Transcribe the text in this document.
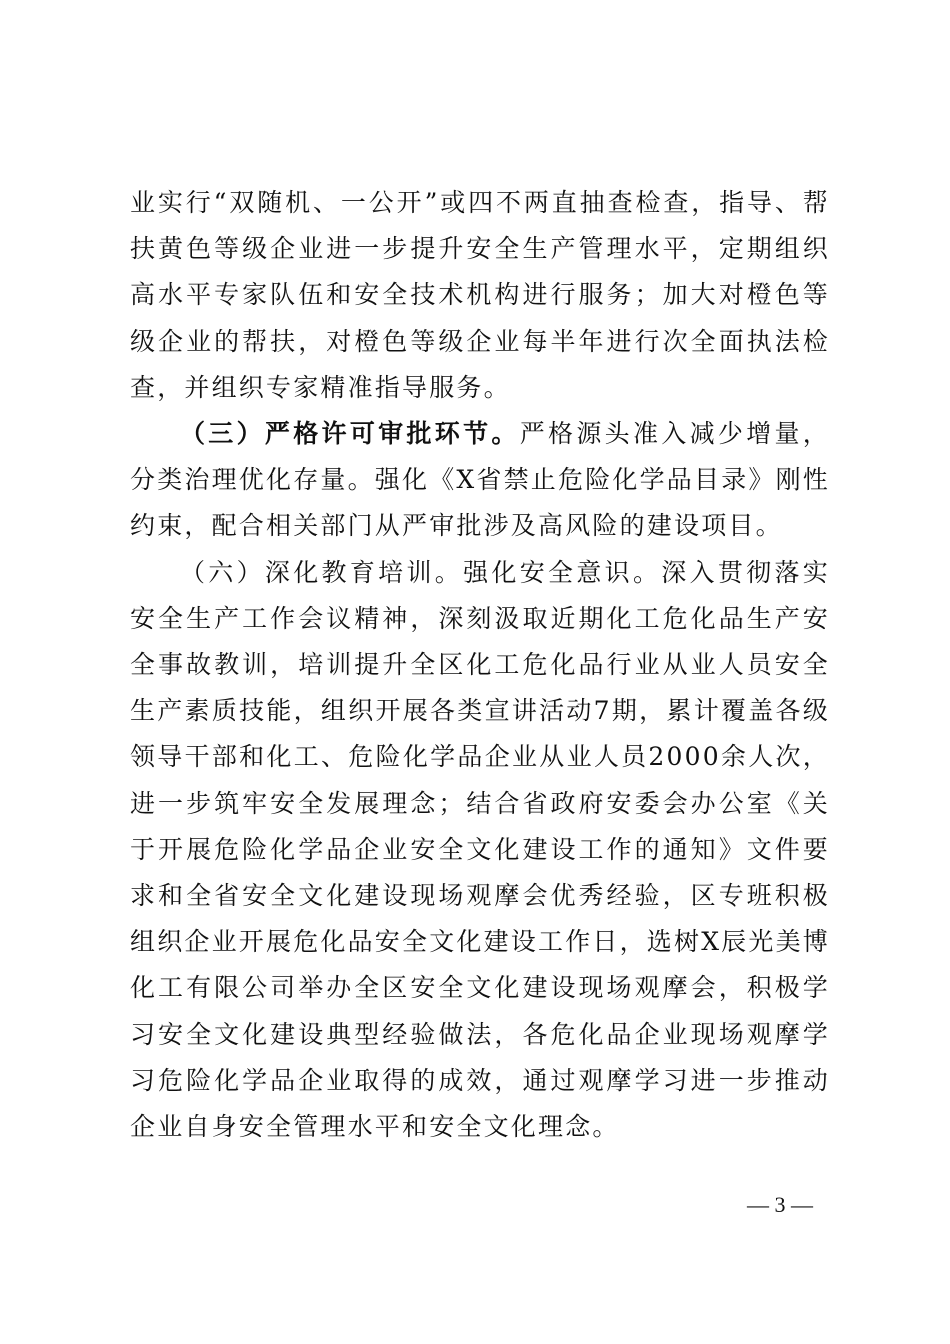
业实行“双随机、一公开”或四不两直抽查检查，指导、帮扶黄色等级企业进一步提升安全生产管理水平，定期组织高水平专家队伍和安全技术机构进行服务；加大对橙色等级企业的帮扶，对橙色等级企业每半年进行次全面执法检查，并组织专家精准指导服务。

（三）严格许可审批环节。严格源头准入减少增量，分类治理优化存量。强化《X省禁止危险化学品目录》刚性约束，配合相关部门从严审批涉及高风险的建设项目。

（六）深化教育培训。强化安全意识。深入贯彻落实安全生产工作会议精神，深刻汲取近期化工危化品生产安全事故教训，培训提升全区化工危化品行业从业人员安全生产素质技能，组织开展各类宣讲活动7期，累计覆盖各级领导干部和化工、危险化学品企业从业人员2000余人次，进一步筑牢安全发展理念；结合省政府安委会办公室《关于开展危险化学品企业安全文化建设工作的通知》文件要求和全省安全文化建设现场观摩会优秀经验，区专班积极组织企业开展危化品安全文化建设工作日，选树X辰光美博化工有限公司举办全区安全文化建设现场观摩会，积极学习安全文化建设典型经验做法，各危化品企业现场观摩学习危险化学品企业取得的成效，通过观摩学习进一步推动企业自身安全管理水平和安全文化理念。

— 3 —
